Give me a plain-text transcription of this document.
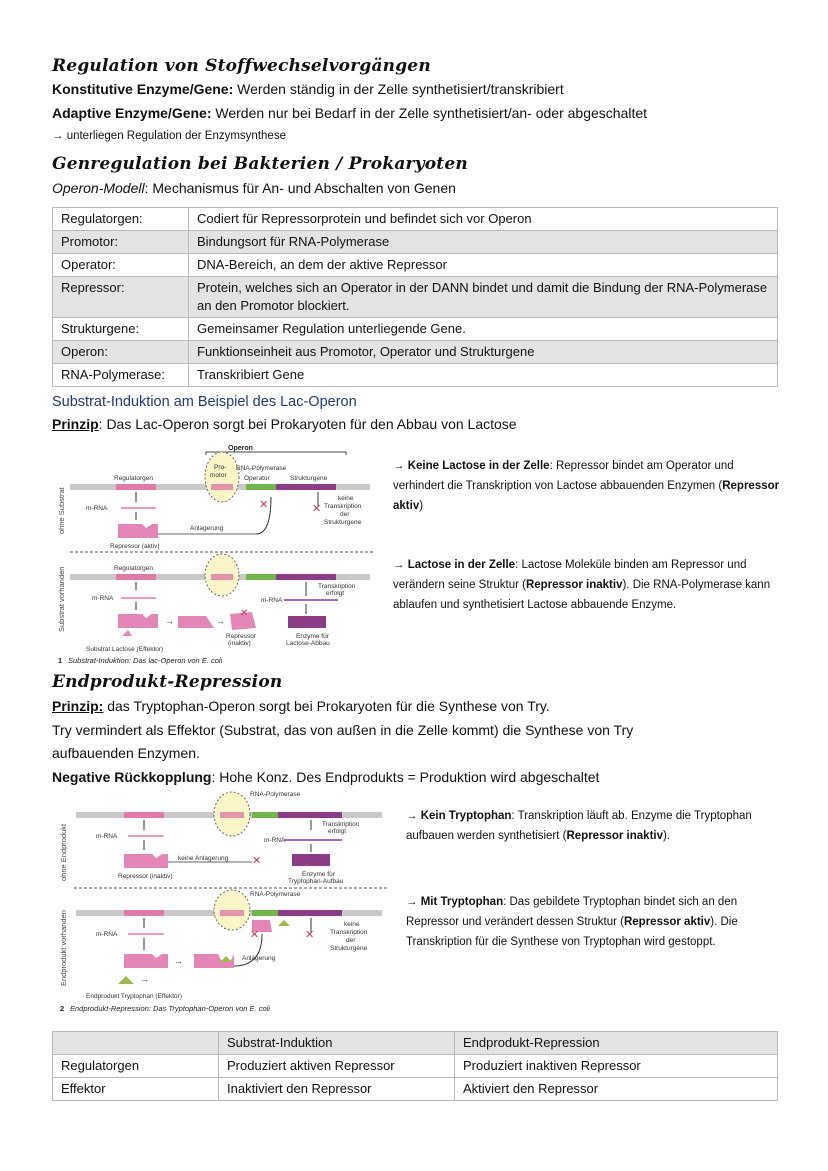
Regulation von Stoffwechselvorgängen
Konstitutive Enzyme/Gene: Werden ständig in der Zelle synthetisiert/transkribiert
Adaptive Enzyme/Gene: Werden nur bei Bedarf in der Zelle synthetisiert/an- oder abgeschaltet
→ unterliegen Regulation der Enzymsynthese
Genregulation bei Bakterien / Prokaryoten
Operon-Modell: Mechanismus für An- und Abschalten von Genen
Regulatorgen:	Codiert für Repressorprotein und befindet sich vor Operon
Promotor:	Bindungsort für RNA-Polymerase
Operator:	DNA-Bereich, an dem der aktive Repressor
Repressor:	Protein, welches sich an Operator in der DANN bindet und damit die Bindung der RNA-Polymerase an den Promotor blockiert.
Strukturgene:	Gemeinsamer Regulation unterliegende Gene.
Operon:	Funktionseinheit aus Promotor, Operator und Strukturgene
RNA-Polymerase:	Transkribiert Gene
Substrat-Induktion am Beispiel des Lac-Operon
Prinzip: Das Lac-Operon sorgt bei Prokaryoten für den Abbau von Lactose
ohne Substrat
Substrat vorhanden
Operon
Pro-
motor
RNA-Polymerase
Operator	Strukturgene
Regulatorgen
m-RNA
Repressor (aktiv)
Anlagerung
✕
✕
keine
Transkription
der
Strukturgene
Regulatorgen
m-RNA
→	→
✕
Repressor
(inaktiv)
m-RNA
Transkription
erfolgt
Enzyme für
Lactose-Abbau
Substrat Lactose (Effektor)
1 Substrat-Induktion: Das lac-Operon von E. coli
→ Keine Lactose in der Zelle: Repressor bindet am Operator und verhindert die Transkription von Lactose abbauenden Enzymen (Repressor aktiv)
→ Lactose in der Zelle: Lactose Moleküle binden am Repressor und verändern seine Struktur (Repressor inaktiv). Die RNA-Polymerase kann ablaufen und synthetisiert Lactose abbauende Enzyme.
Endprodukt-Repression
Prinzip: das Tryptophan-Operon sorgt bei Prokaryoten für die Synthese von Try.
Try vermindert als Effektor (Substrat, das von außen in die Zelle kommt) die Synthese von Try
aufbauenden Enzymen.
Negative Rückkopplung: Hohe Konz. Des Endprodukts = Produktion wird abgeschaltet
ohne Endprodukt
Endprodukt vorhanden
RNA-Polymerase
m-RNA
Repressor (inaktiv)
keine Anlagerung ✕
Transkription
erfolgt
m-RNA
Enzyme für
Tryptophan-Aufbau
RNA-Polymerase
✕
m-RNA
→	Anlagerung
→
✕
keine
Transkription
der
Strukturgene
Endprodukt Tryptophan (Effektor)
2 Endprodukt-Repression: Das Tryptophan-Operon von E. coli
→ Kein Tryptophan: Transkription läuft ab. Enzyme die Tryptophan aufbauen werden synthetisiert (Repressor inaktiv).
→ Mit Tryptophan: Das gebildete Tryptophan bindet sich an den Repressor und verändert dessen Struktur (Repressor aktiv). Die Transkription für die Synthese von Tryptophan wird gestoppt.
	Substrat-Induktion	Endprodukt-Repression
Regulatorgen	Produziert aktiven Repressor	Produziert inaktiven Repressor
Effektor	Inaktiviert den Repressor	Aktiviert den Repressor
